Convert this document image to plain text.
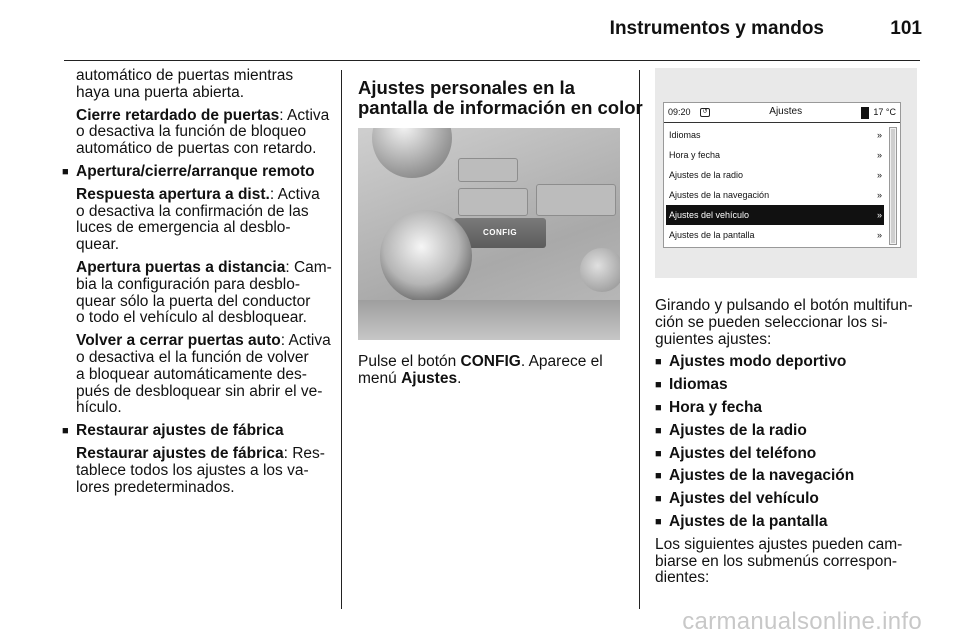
Instrumentos y mandos	101
automático de puertas mientras
haya una puerta abierta.
Cierre retardado de puertas: Activa
o desactiva la función de bloqueo
automático de puertas con retardo.
■ Apertura/cierre/arranque remoto
Respuesta apertura a dist.: Activa
o desactiva la confirmación de las
luces de emergencia al desblo-
quear.
Apertura puertas a distancia: Cam-
bia la configuración para desblo-
quear sólo la puerta del conductor
o todo el vehículo al desbloquear.
Volver a cerrar puertas auto: Activa
o desactiva el la función de volver
a bloquear automáticamente des-
pués de desbloquear sin abrir el ve-
hículo.
■ Restaurar ajustes de fábrica
Restaurar ajustes de fábrica: Res-
tablece todos los ajustes a los va-
lores predeterminados.
Ajustes personales en la
pantalla de información en color
CONFIG
Pulse el botón CONFIG. Aparece el
menú Ajustes.
09:20	↺	Ajustes	17 °C
Idiomas	»
Hora y fecha	»
Ajustes de la radio	»
Ajustes de la navegación	»
Ajustes del vehículo	»
Ajustes de la pantalla	»
Girando y pulsando el botón multifun-
ción se pueden seleccionar los si-
guientes ajustes:
■ Ajustes modo deportivo
■ Idiomas
■ Hora y fecha
■ Ajustes de la radio
■ Ajustes del teléfono
■ Ajustes de la navegación
■ Ajustes del vehículo
■ Ajustes de la pantalla
Los siguientes ajustes pueden cam-
biarse en los submenús correspon-
dientes:
carmanualsonline.info
